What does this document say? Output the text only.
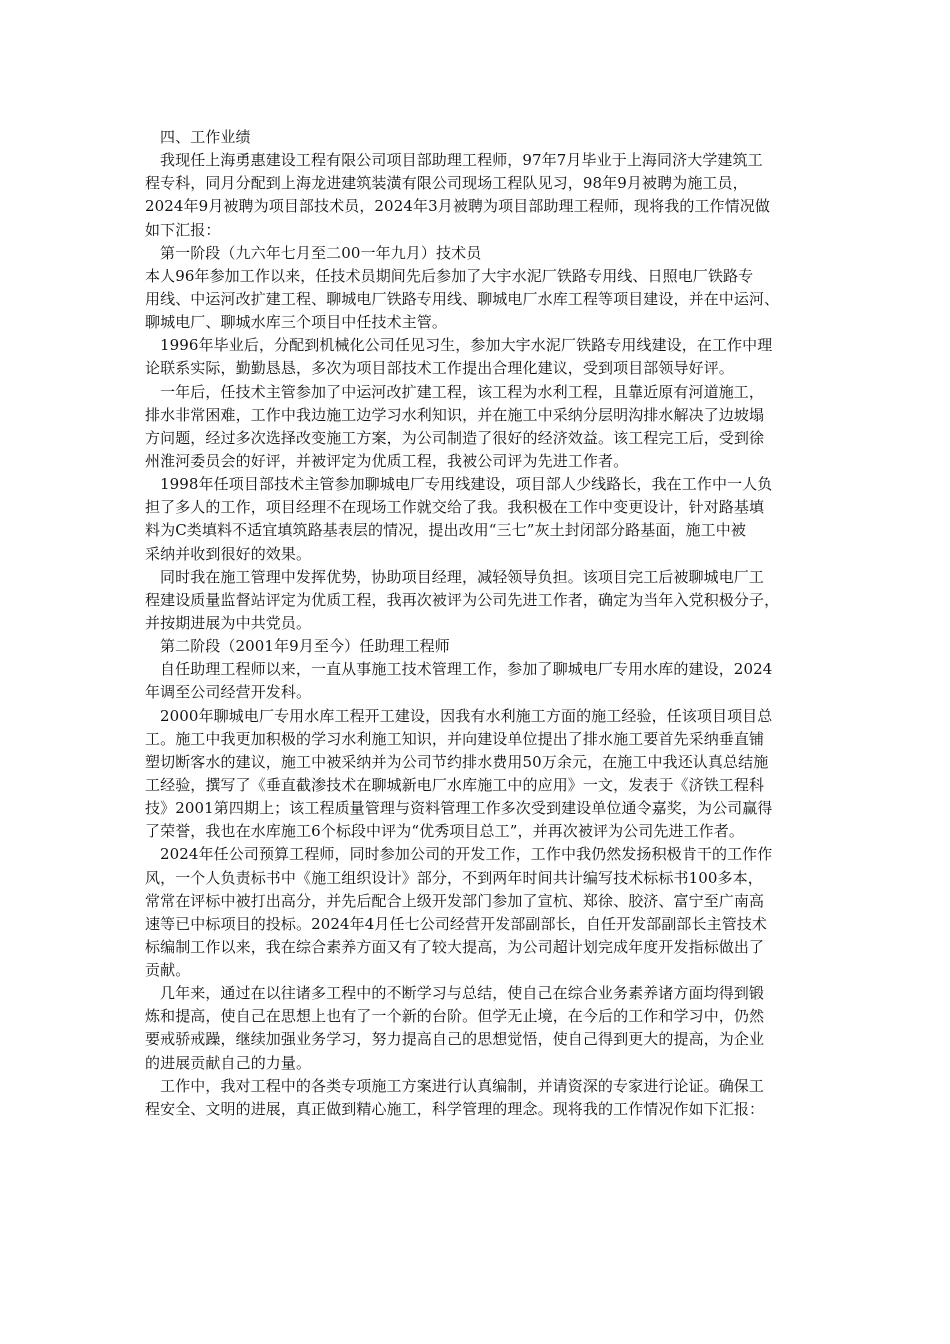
四、工作业绩
我现任上海勇惠建设工程有限公司项目部助理工程师，97年7月毕业于上海同济大学建筑工
程专科，同月分配到上海龙进建筑装潢有限公司现场工程队见习，98年9月被聘为施工员，
2024年9月被聘为项目部技术员，2024年3月被聘为项目部助理工程师，现将我的工作情况做
如下汇报：
第一阶段（九六年七月至二00一年九月）技术员
本人96年参加工作以来，任技术员期间先后参加了大宇水泥厂铁路专用线、日照电厂铁路专
用线、中运河改扩建工程、聊城电厂铁路专用线、聊城电厂水库工程等项目建设，并在中运河、
聊城电厂、聊城水库三个项目中任技术主管。
1996年毕业后，分配到机械化公司任见习生，参加大宇水泥厂铁路专用线建设，在工作中理
论联系实际，勤勤恳恳，多次为项目部技术工作提出合理化建议，受到项目部领导好评。
一年后，任技术主管参加了中运河改扩建工程，该工程为水利工程，且靠近原有河道施工，
排水非常困难，工作中我边施工边学习水利知识，并在施工中采纳分层明沟排水解决了边坡塌
方问题，经过多次选择改变施工方案，为公司制造了很好的经济效益。该工程完工后，受到徐
州淮河委员会的好评，并被评定为优质工程，我被公司评为先进工作者。
1998年任项目部技术主管参加聊城电厂专用线建设，项目部人少线路长，我在工作中一人负
担了多人的工作，项目经理不在现场工作就交给了我。我积极在工作中变更设计，针对路基填
料为C类填料不适宜填筑路基表层的情况，提出改用“三七”灰土封闭部分路基面，施工中被
采纳并收到很好的效果。
同时我在施工管理中发挥优势，协助项目经理，减轻领导负担。该项目完工后被聊城电厂工
程建设质量监督站评定为优质工程，我再次被评为公司先进工作者，确定为当年入党积极分子，
并按期进展为中共党员。
第二阶段（2001年9月至今）任助理工程师
自任助理工程师以来，一直从事施工技术管理工作，参加了聊城电厂专用水库的建设，2024
年调至公司经营开发科。
2000年聊城电厂专用水库工程开工建设，因我有水利施工方面的施工经验，任该项目项目总
工。施工中我更加积极的学习水利施工知识，并向建设单位提出了排水施工要首先采纳垂直铺
塑切断客水的建议，施工中被采纳并为公司节约排水费用50万余元，在施工中我还认真总结施
工经验，撰写了《垂直截渗技术在聊城新电厂水库施工中的应用》一文，发表于《济铁工程科
技》2001第四期上；该工程质量管理与资料管理工作多次受到建设单位通令嘉奖，为公司赢得
了荣誉，我也在水库施工6个标段中评为“优秀项目总工”，并再次被评为公司先进工作者。
2024年任公司预算工程师，同时参加公司的开发工作，工作中我仍然发扬积极肯干的工作作
风，一个人负责标书中《施工组织设计》部分，不到两年时间共计编写技术标标书100多本，
常常在评标中被打出高分，并先后配合上级开发部门参加了宣杭、郑徐、胶济、富宁至广南高
速等已中标项目的投标。2024年4月任七公司经营开发部副部长，自任开发部副部长主管技术
标编制工作以来，我在综合素养方面又有了较大提高，为公司超计划完成年度开发指标做出了
贡献。
几年来，通过在以往诸多工程中的不断学习与总结，使自己在综合业务素养诸方面均得到锻
炼和提高，使自己在思想上也有了一个新的台阶。但学无止境，在今后的工作和学习中，仍然
要戒骄戒躁，继续加强业务学习，努力提高自己的思想觉悟，使自己得到更大的提高，为企业
的进展贡献自己的力量。
工作中，我对工程中的各类专项施工方案进行认真编制，并请资深的专家进行论证。确保工
程安全、文明的进展，真正做到精心施工，科学管理的理念。现将我的工作情况作如下汇报：
